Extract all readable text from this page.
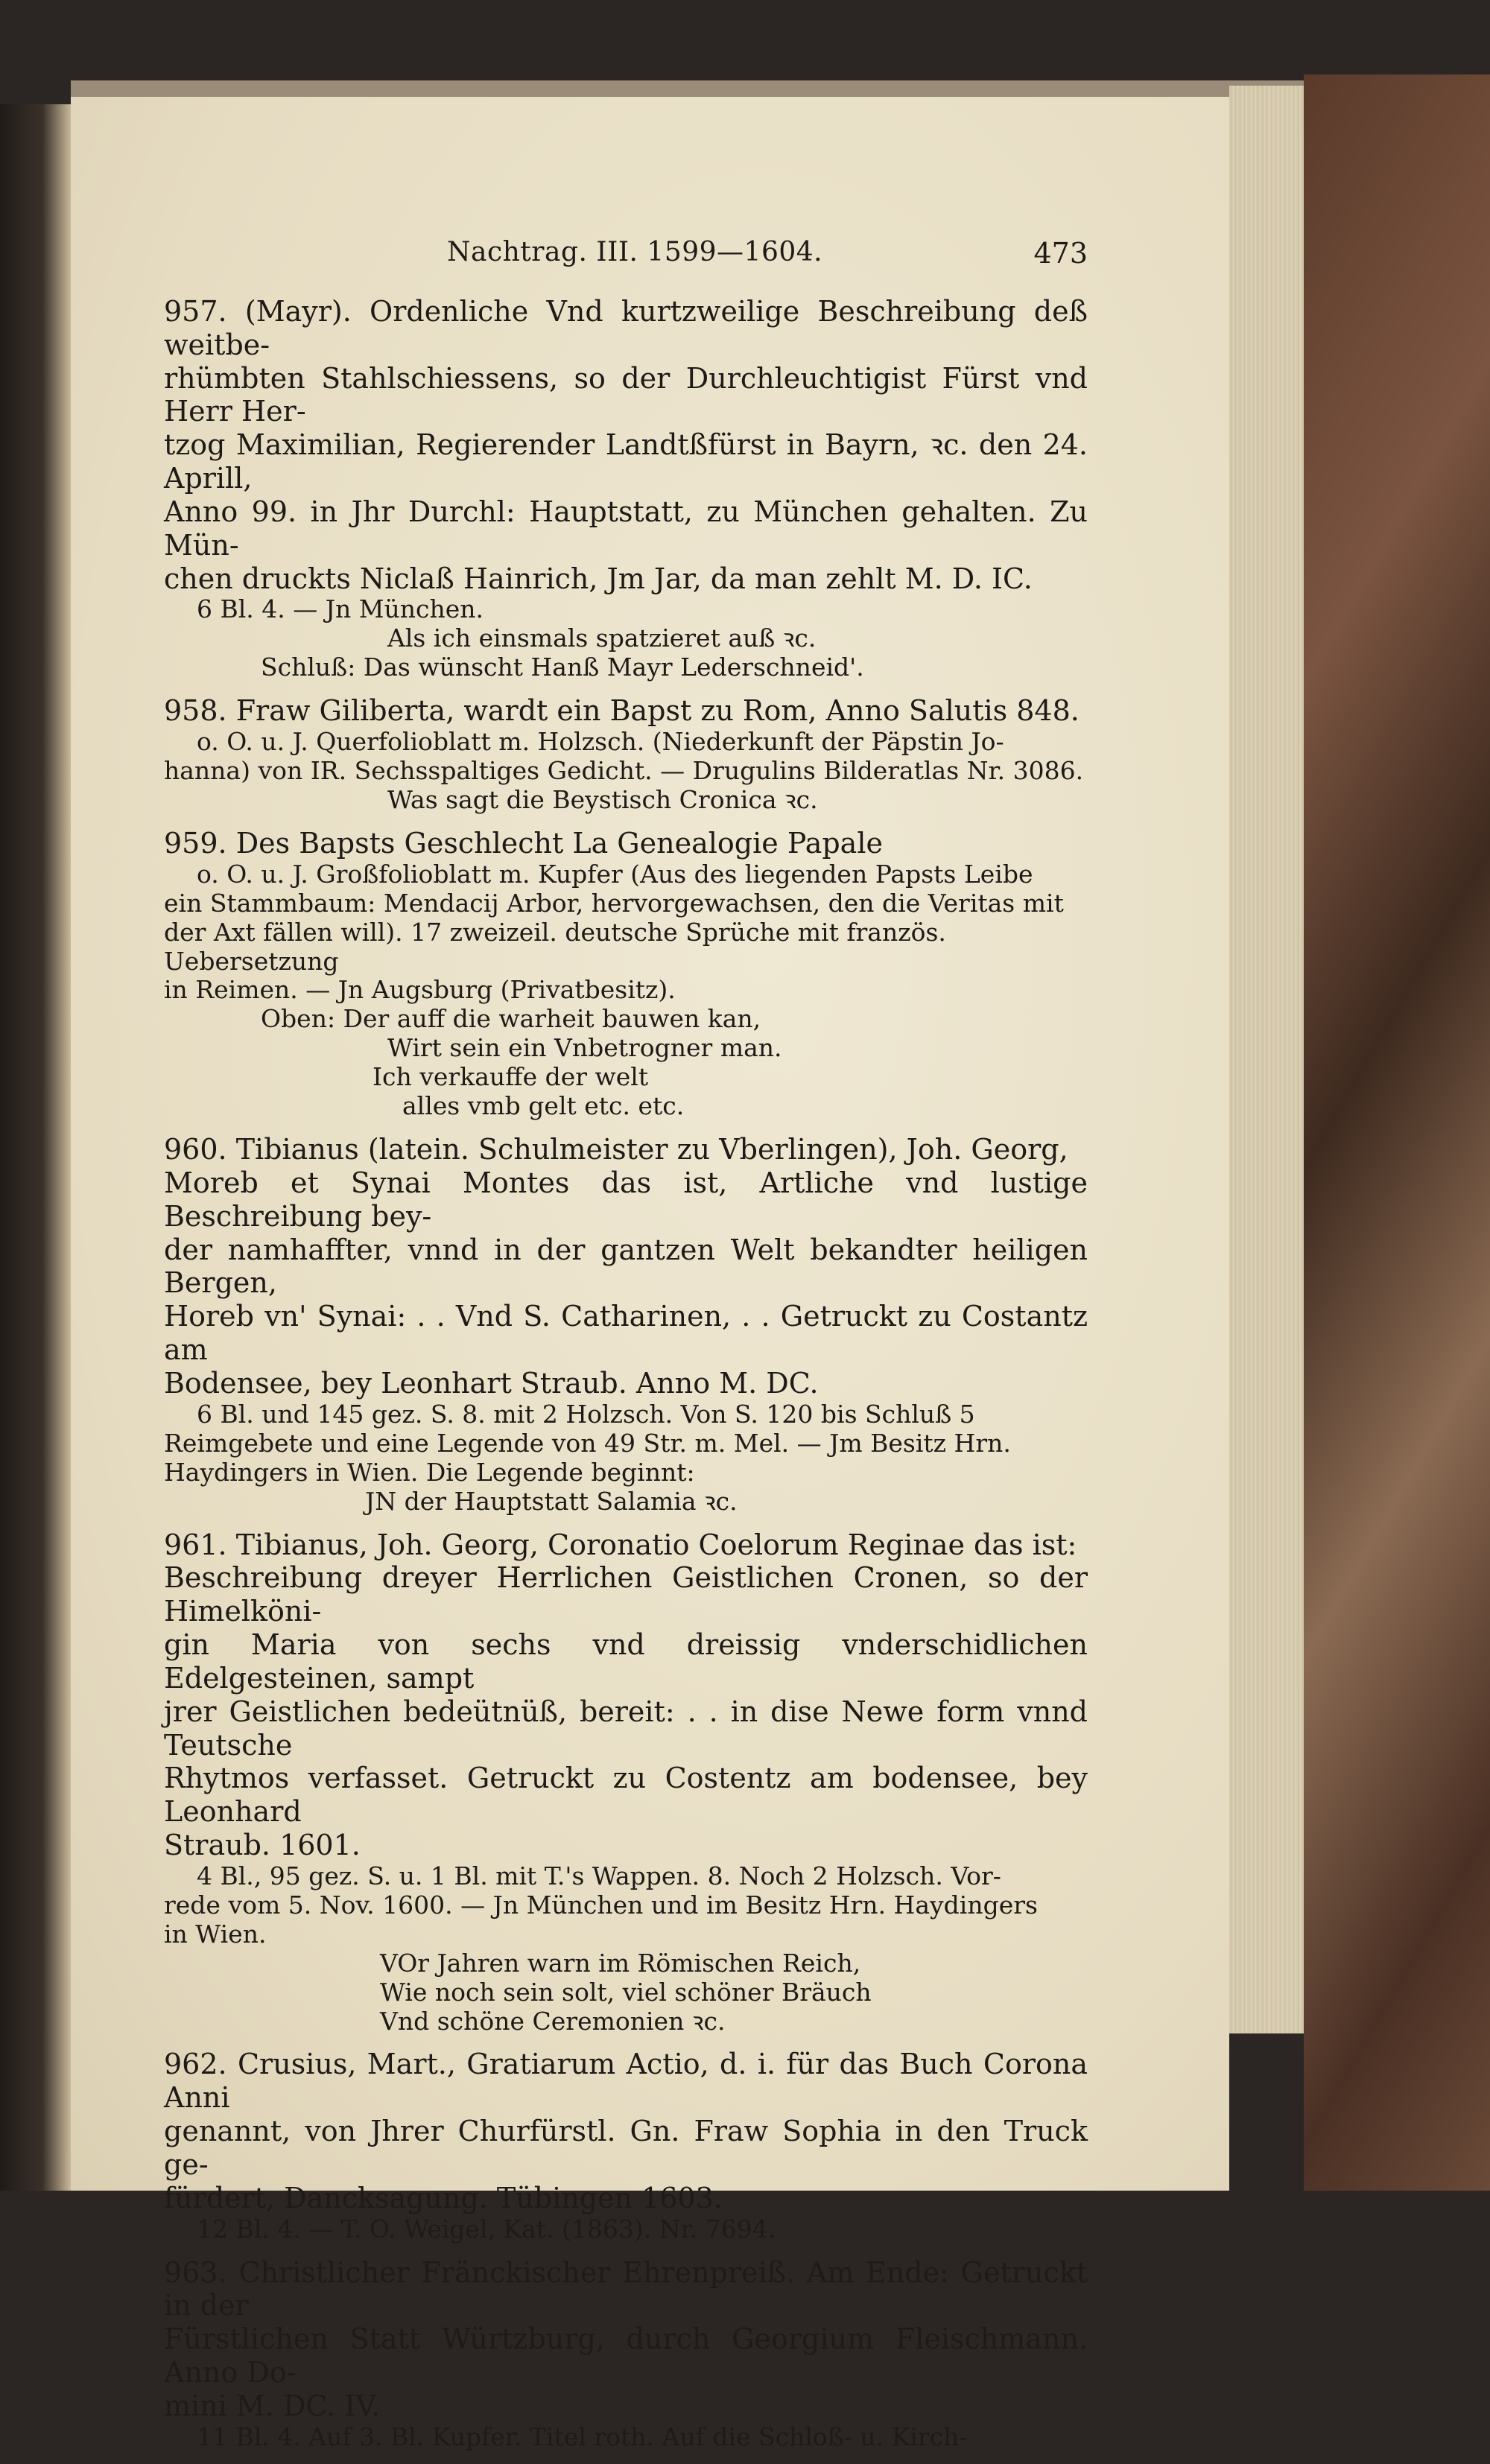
Nachtrag. III. 1599—1604.	473
957. (Mayr). Ordenliche Vnd kurtzweilige Beschreibung deß weitbe-
rhümbten Stahlschiessens, so der Durchleuchtigist Fürst vnd Herr Her-
tzog Maximilian, Regierender Landtßfürst in Bayrn, ꝛc. den 24. Aprill,
Anno 99. in Jhr Durchl: Hauptstatt, zu München gehalten. Zu Mün-
chen druckts Niclaß Hainrich, Jm Jar, da man zehlt M. D. IC.
6 Bl. 4. — Jn München.
Als ich einsmals spatzieret auß ꝛc.
Schluß: Das wünscht Hanß Mayr Lederschneid'.
958. Fraw Giliberta, wardt ein Bapst zu Rom, Anno Salutis 848.
o. O. u. J. Querfolioblatt m. Holzsch. (Niederkunft der Päpstin Jo-
hanna) von IR. Sechsspaltiges Gedicht. — Drugulins Bilderatlas Nr. 3086.
Was sagt die Beystisch Cronica ꝛc.
959. Des Bapsts Geschlecht La Genealogie Papale
o. O. u. J. Großfolioblatt m. Kupfer (Aus des liegenden Papsts Leibe
ein Stammbaum: Mendacij Arbor, hervorgewachsen, den die Veritas mit
der Axt fällen will). 17 zweizeil. deutsche Sprüche mit französ. Uebersetzung
in Reimen. — Jn Augsburg (Privatbesitz).
Oben: Der auff die warheit bauwen kan,
Wirt sein ein Vnbetrogner man.
Ich verkauffe der welt
alles vmb gelt etc. etc.
960. Tibianus (latein. Schulmeister zu Vberlingen), Joh. Georg,
Moreb et Synai Montes das ist, Artliche vnd lustige Beschreibung bey-
der namhaffter, vnnd in der gantzen Welt bekandter heiligen Bergen,
Horeb vn' Synai: . . Vnd S. Catharinen, . . Getruckt zu Costantz am
Bodensee, bey Leonhart Straub. Anno M. DC.
6 Bl. und 145 gez. S. 8. mit 2 Holzsch. Von S. 120 bis Schluß 5
Reimgebete und eine Legende von 49 Str. m. Mel. — Jm Besitz Hrn.
Haydingers in Wien. Die Legende beginnt:
JN der Hauptstatt Salamia ꝛc.
961. Tibianus, Joh. Georg, Coronatio Coelorum Reginae das ist:
Beschreibung dreyer Herrlichen Geistlichen Cronen, so der Himelköni-
gin Maria von sechs vnd dreissig vnderschidlichen Edelgesteinen, sampt
jrer Geistlichen bedeütnüß, bereit: . . in dise Newe form vnnd Teutsche
Rhytmos verfasset. Getruckt zu Costentz am bodensee, bey Leonhard
Straub. 1601.
4 Bl., 95 gez. S. u. 1 Bl. mit T.'s Wappen. 8. Noch 2 Holzsch. Vor-
rede vom 5. Nov. 1600. — Jn München und im Besitz Hrn. Haydingers
in Wien.
VOr Jahren warn im Römischen Reich,
Wie noch sein solt, viel schöner Bräuch
Vnd schöne Ceremonien ꝛc.
962. Crusius, Mart., Gratiarum Actio, d. i. für das Buch Corona Anni
genannt, von Jhrer Churfürstl. Gn. Fraw Sophia in den Truck ge-
fürdert, Dancksagung. Tübingen 1603.
12 Bl. 4. — T. O. Weigel, Kat. (1863). Nr. 7694.
963. Christlicher Fränckischer Ehrenpreiß. Am Ende: Getruckt in der
Fürstlichen Statt Würtzburg, durch Georgium Fleischmann. Anno Do-
mini M. DC. IV.
11 Bl. 4. Auf 3. Bl. Kupfer. Titel roth. Auf die Schloß- u. Kirch-
